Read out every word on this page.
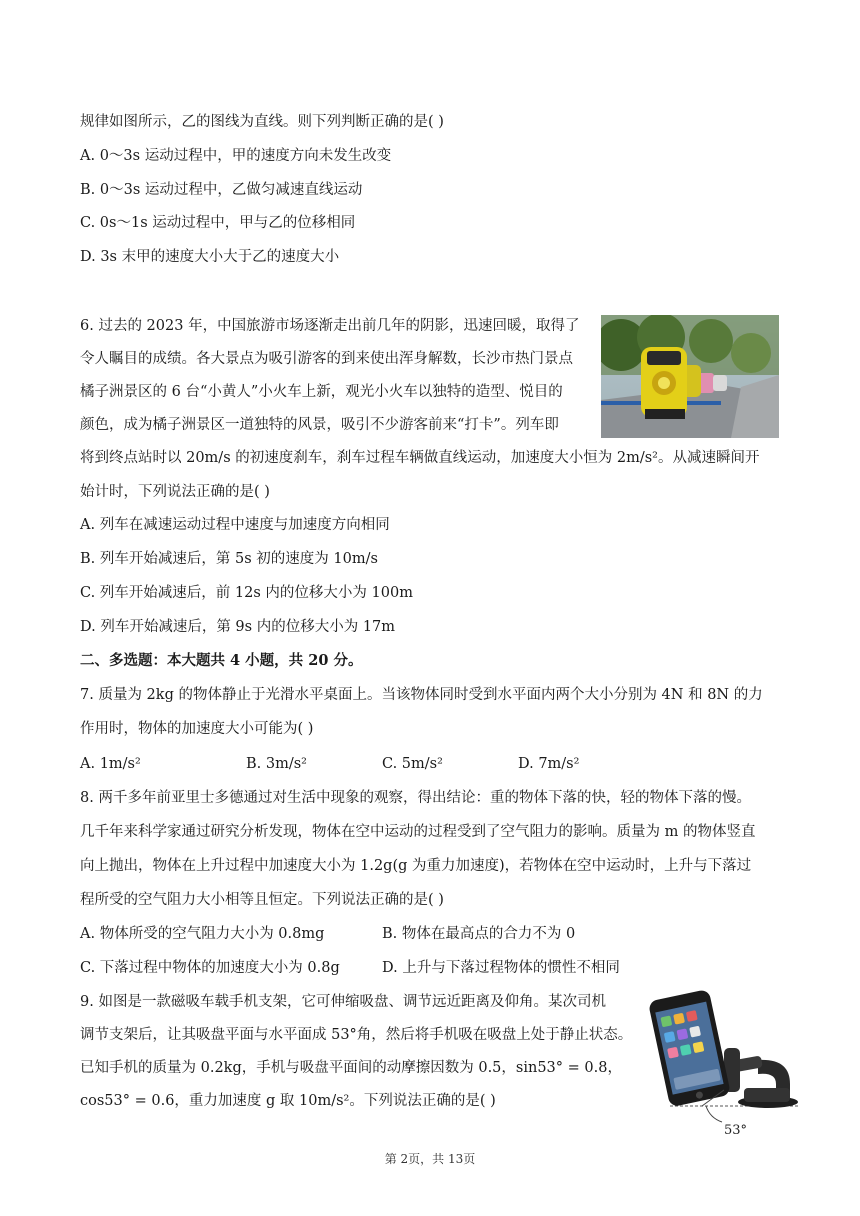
规律如图所示，乙的图线为直线。则下列判断正确的是( )
A. 0～3s 运动过程中，甲的速度方向未发生改变
B. 0～3s 运动过程中，乙做匀减速直线运动
C. 0s～1s 运动过程中，甲与乙的位移相同
D. 3s 末甲的速度大小大于乙的速度大小
6. 过去的 2023 年，中国旅游市场逐渐走出前几年的阴影，迅速回暖，取得了
令人瞩目的成绩。各大景点为吸引游客的到来使出浑身解数，长沙市热门景点
橘子洲景区的 6 台“小黄人”小火车上新，观光小火车以独特的造型、悦目的
颜色，成为橘子洲景区一道独特的风景，吸引不少游客前来“打卡”。列车即
将到终点站时以 20m/s 的初速度刹车，刹车过程车辆做直线运动，加速度大小恒为 2m/s²。从减速瞬间开
始计时，下列说法正确的是( )
A. 列车在减速运动过程中速度与加速度方向相同
B. 列车开始减速后，第 5s 初的速度为 10m/s
C. 列车开始减速后，前 12s 内的位移大小为 100m
D. 列车开始减速后，第 9s 内的位移大小为 17m
二、多选题：本大题共 4 小题，共 20 分。
7. 质量为 2kg 的物体静止于光滑水平桌面上。当该物体同时受到水平面内两个大小分别为 4N 和 8N 的力
作用时，物体的加速度大小可能为( )
A. 1m/s²	B. 3m/s²	C. 5m/s²	D. 7m/s²
8. 两千多年前亚里士多德通过对生活中现象的观察，得出结论：重的物体下落的快，轻的物体下落的慢。
几千年来科学家通过研究分析发现，物体在空中运动的过程受到了空气阻力的影响。质量为 m 的物体竖直
向上抛出，物体在上升过程中加速度大小为 1.2g(g 为重力加速度)，若物体在空中运动时，上升与下落过
程所受的空气阻力大小相等且恒定。下列说法正确的是( )
A. 物体所受的空气阻力大小为 0.8mg	B. 物体在最高点的合力不为 0
C. 下落过程中物体的加速度大小为 0.8g	D. 上升与下落过程物体的惯性不相同
9. 如图是一款磁吸车载手机支架，它可伸缩吸盘、调节远近距离及仰角。某次司机
调节支架后，让其吸盘平面与水平面成 53°角，然后将手机吸在吸盘上处于静止状态。
已知手机的质量为 0.2kg，手机与吸盘平面间的动摩擦因数为 0.5，sin53° = 0.8，
cos53° = 0.6，重力加速度 g 取 10m/s²。下列说法正确的是( )
53°
第 2页，共 13页
